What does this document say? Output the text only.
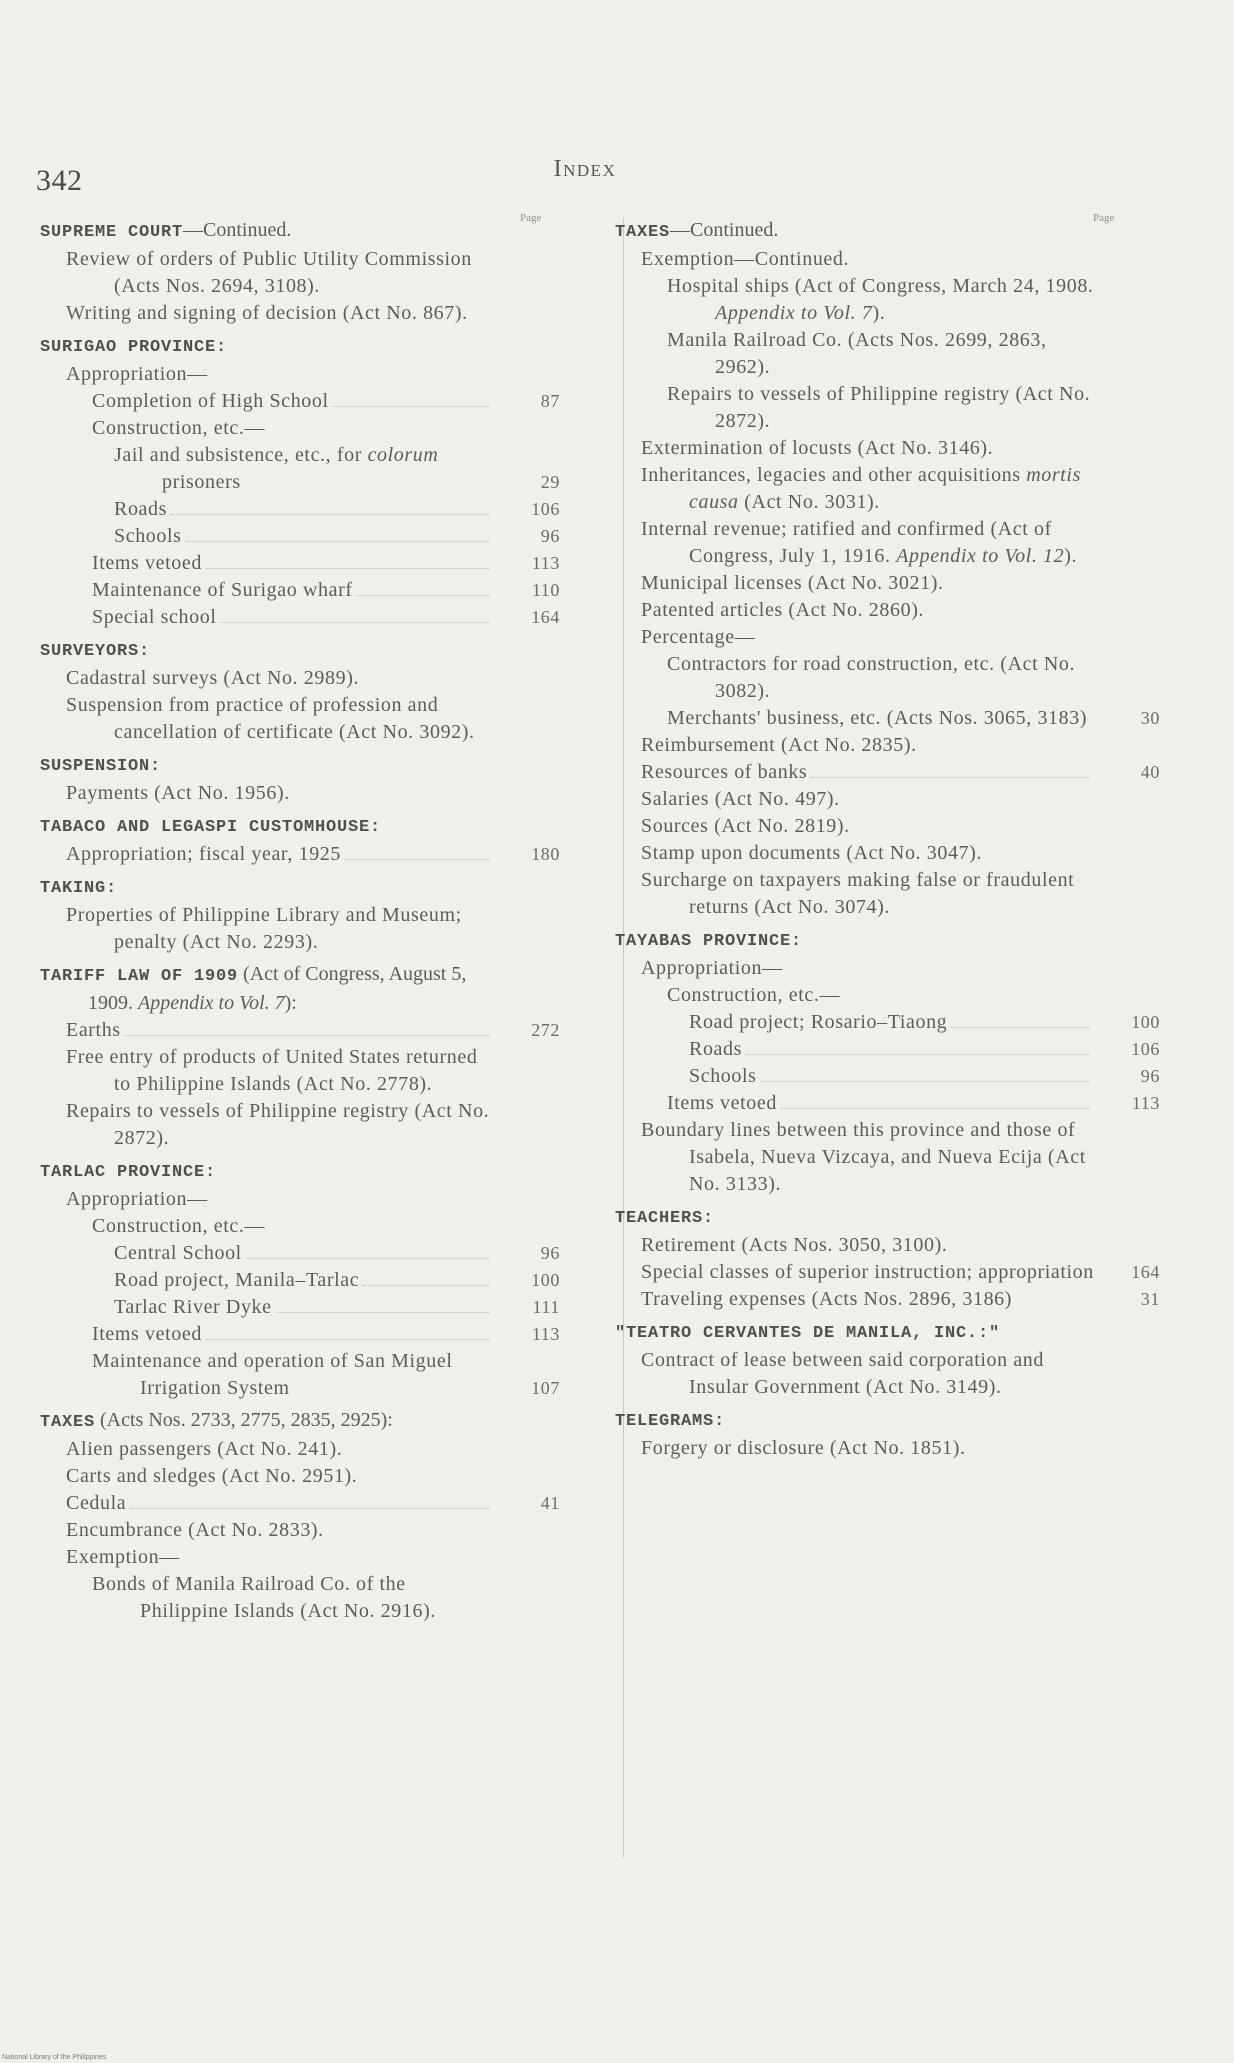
342	Index
Page
SUPREME COURT—Continued.
Review of orders of Public Utility Commission (Acts Nos. 2694, 3108).
Writing and signing of decision (Act No. 867).
SURIGAO PROVINCE:
Appropriation—
Completion of High School	87
Construction, etc.—
Jail and subsistence, etc., for colorum prisoners	29
Roads	106
Schools	96
Items vetoed	113
Maintenance of Surigao wharf	110
Special school	164
SURVEYORS:
Cadastral surveys (Act No. 2989).
Suspension from practice of profession and cancellation of certificate (Act No. 3092).
SUSPENSION:
Payments (Act No. 1956).
TABACO AND LEGASPI CUSTOMHOUSE:
Appropriation; fiscal year, 1925	180
TAKING:
Properties of Philippine Library and Museum; penalty (Act No. 2293).
TARIFF LAW OF 1909 (Act of Congress, August 5, 1909. Appendix to Vol. 7):
Earths	272
Free entry of products of United States returned to Philippine Islands (Act No. 2778).
Repairs to vessels of Philippine registry (Act No. 2872).
TARLAC PROVINCE:
Appropriation—
Construction, etc.—
Central School	96
Road project, Manila–Tarlac	100
Tarlac River Dyke	111
Items vetoed	113
Maintenance and operation of San Miguel Irrigation System	107
TAXES (Acts Nos. 2733, 2775, 2835, 2925):
Alien passengers (Act No. 241).
Carts and sledges (Act No. 2951).
Cedula	41
Encumbrance (Act No. 2833).
Exemption—
Bonds of Manila Railroad Co. of the Philippine Islands (Act No. 2916).
Page
TAXES—Continued.
Exemption—Continued.
Hospital ships (Act of Congress, March 24, 1908. Appendix to Vol. 7).
Manila Railroad Co. (Acts Nos. 2699, 2863, 2962).
Repairs to vessels of Philippine registry (Act No. 2872).
Extermination of locusts (Act No. 3146).
Inheritances, legacies and other acquisitions mortis causa (Act No. 3031).
Internal revenue; ratified and confirmed (Act of Congress, July 1, 1916. Appendix to Vol. 12).
Municipal licenses (Act No. 3021).
Patented articles (Act No. 2860).
Percentage—
Contractors for road construction, etc. (Act No. 3082).
Merchants' business, etc. (Acts Nos. 3065, 3183)	30
Reimbursement (Act No. 2835).
Resources of banks	40
Salaries (Act No. 497).
Sources (Act No. 2819).
Stamp upon documents (Act No. 3047).
Surcharge on taxpayers making false or fraudulent returns (Act No. 3074).
TAYABAS PROVINCE:
Appropriation—
Construction, etc.—
Road project; Rosario–Tiaong	100
Roads	106
Schools	96
Items vetoed	113
Boundary lines between this province and those of Isabela, Nueva Vizcaya, and Nueva Ecija (Act No. 3133).
TEACHERS:
Retirement (Acts Nos. 3050, 3100).
Special classes of superior instruction; appropriation 164
Traveling expenses (Acts Nos. 2896, 3186)	31
"TEATRO CERVANTES DE MANILA, INC.:"
Contract of lease between said corporation and Insular Government (Act No. 3149).
TELEGRAMS:
Forgery or disclosure (Act No. 1851).
National Library of the Philippines
